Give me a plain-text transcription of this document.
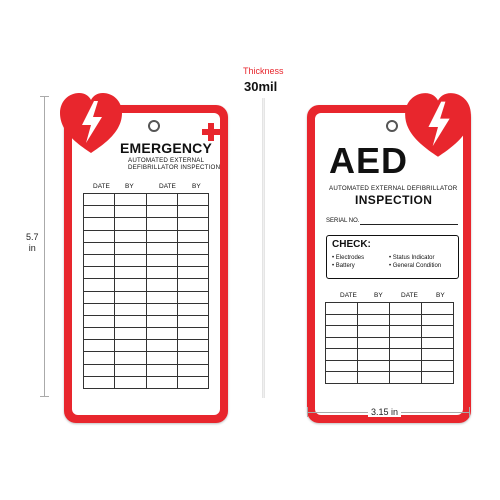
EMERGENCY
AUTOMATED EXTERNAL
DEFIBRILLATOR INSPECTION
DATE BY	DATE BY

AED
AUTOMATED EXTERNAL DEFIBRILLATOR
INSPECTION
SERIAL NO.
CHECK:
• Electrodes	• Status Indicator
• Battery	• General Condition
DATE	BY	DATE	BY

Thickness
30mil
5.7
in
3.15 in
